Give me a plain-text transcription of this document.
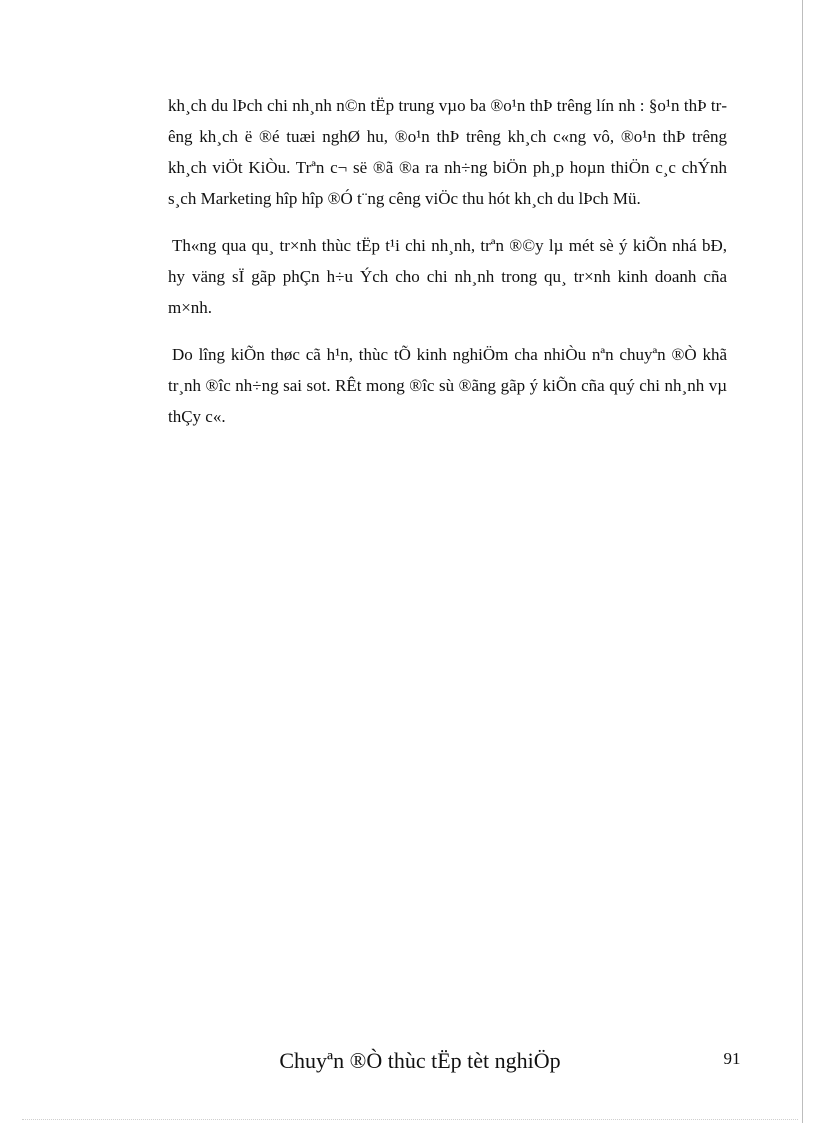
kh¸ch du lÞch chi nh¸nh n©n tËp trung vµo ba ®o¹n thÞ trêng lín nh : §o¹n thÞ trêng kh¸ch ë ®é tuæi nghØ hu, ®o¹n thÞ trêng kh¸ch c«ng vô, ®o¹n thÞ trêng kh¸ch viÖt KiÒu. Trªn c¬ së ®ã ®a ra nh÷ng biÖn ph¸p hoµn thiÖn c¸c chÝnh s¸ch Marketing hîp hîp ®Ó t¨ng cêng viÖc thu hót kh¸ch du lÞch Mü.

Th«ng qua qu¸ tr×nh thùc tËp t¹i chi nh¸nh, trªn ®©y lµ mét sè ý kiÕn nhá bÐ, hy väng sÏ gãp phÇn h÷u Ých cho chi nh¸nh trong qu¸ tr×nh kinh doanh cña m×nh.

Do lîng kiÕn thøc cã h¹n, thùc tÕ kinh nghiÖm cha nhiÒu nªn chuyªn ®Ò khã tr¸nh ®îc nh÷ng sai sot. RÊt mong ®îc sù ®ãng gãp ý kiÕn cña quý chi nh¸nh vµ thÇy c«.

Chuyªn ®Ò thùc tËp tèt nghiÖp	91
